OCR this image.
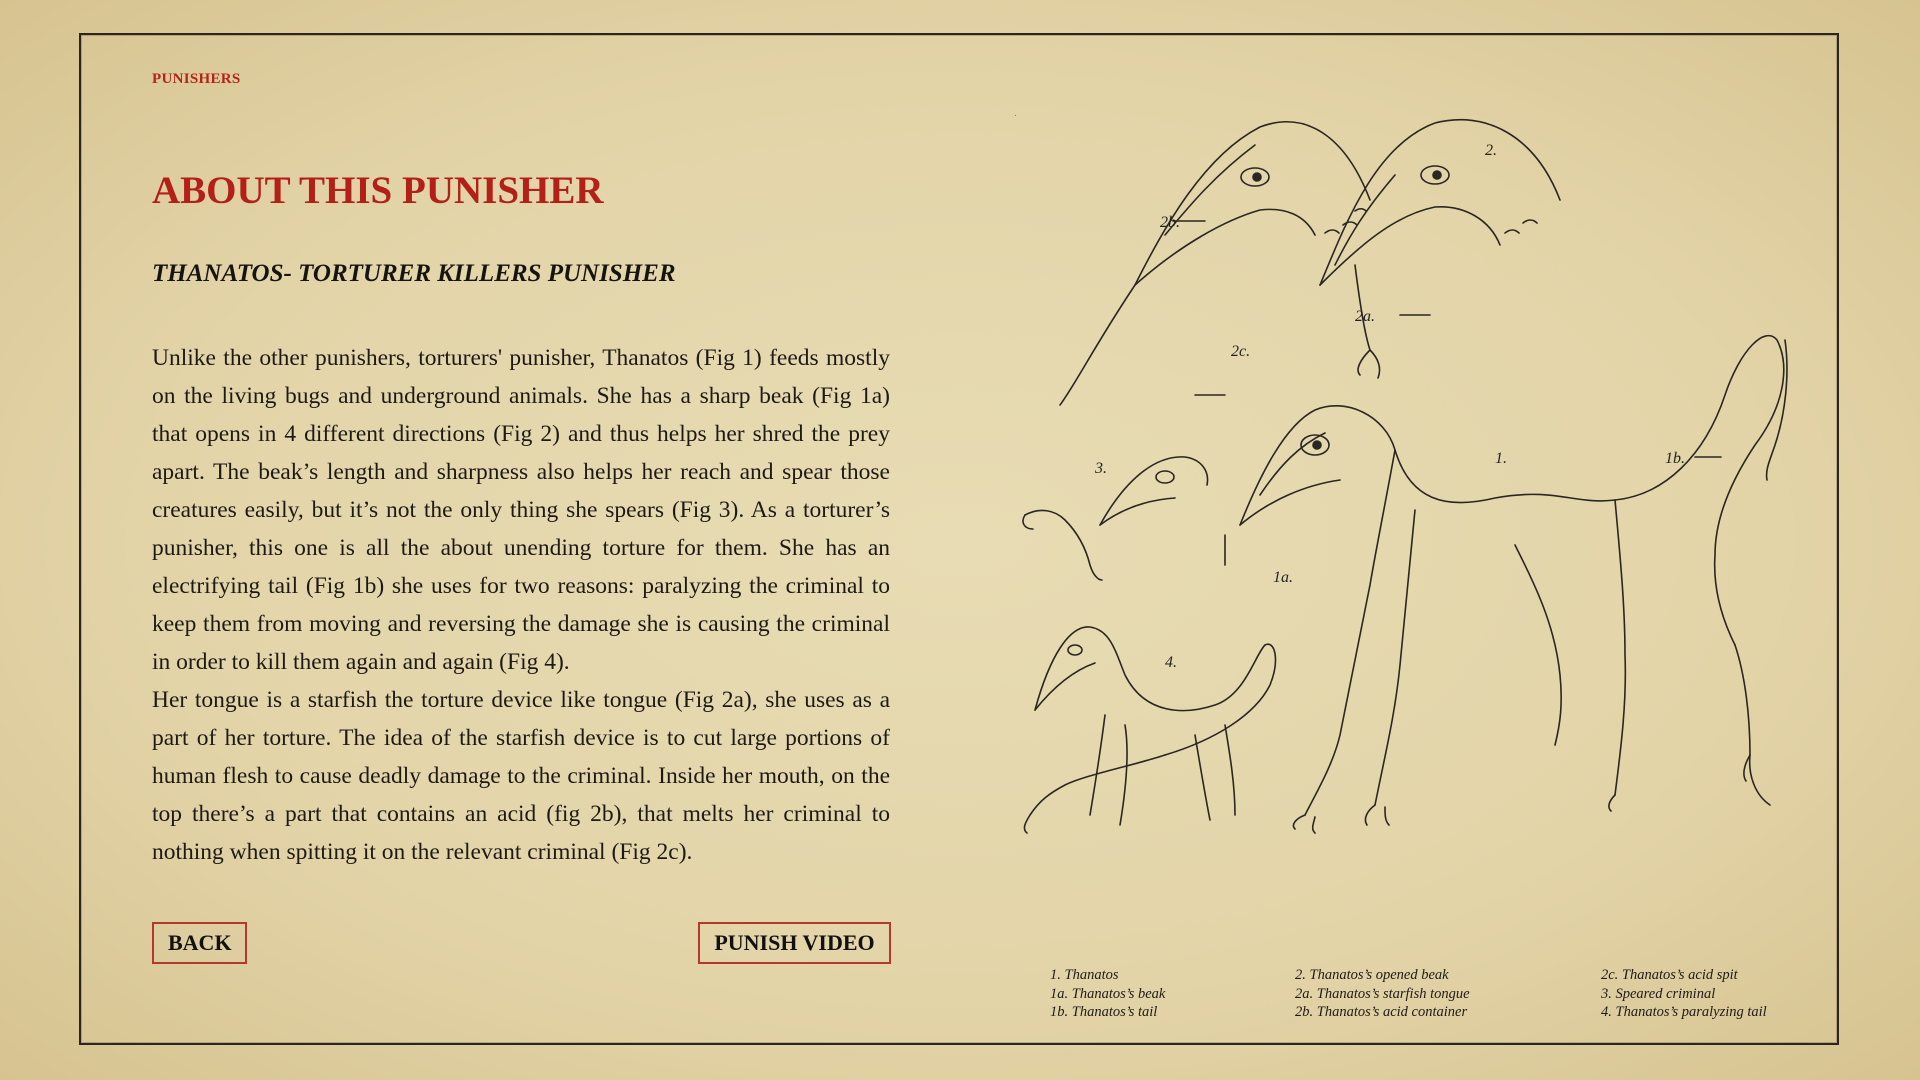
PUNISHERS
ABOUT THIS PUNISHER
THANATOS- TORTURER KILLERS PUNISHER

Unlike the other punishers, torturers' punisher, Thanatos (Fig 1) feeds mostly on the living bugs and underground animals. She has a sharp beak (Fig 1a) that opens in 4 different directions (Fig 2) and thus helps her shred the prey apart. The beak’s length and sharpness also helps her reach and spear those creatures easily, but it’s not the only thing she spears (Fig 3). As a torturer’s punisher, this one is all the about unending torture for them. She has an electrifying tail (Fig 1b) she uses for two reasons: paralyzing the criminal to keep them from moving and reversing the damage she is causing the criminal in order to kill them again and again (Fig 4).

Her tongue is a starfish the torture device like tongue (Fig 2a), she uses as a part of her torture. The idea of the starfish device is to cut large portions of human flesh to cause deadly damage to the criminal. Inside her mouth, on the top there’s a part that contains an acid (fig 2b), that melts her criminal to nothing when spitting it on the relevant criminal (Fig 2c).

BACK	PUNISH VIDEO
2b.
2.
2a.
2c.
3.
1.	1b.
1a.
4.
1. Thanatos
1a. Thanatos’s beak
1b. Thanatos’s tail
2. Thanatos’s opened beak
2a. Thanatos’s starfish tongue
2b. Thanatos’s acid container
2c. Thanatos’s acid spit
3. Speared criminal
4. Thanatos’s paralyzing tail
